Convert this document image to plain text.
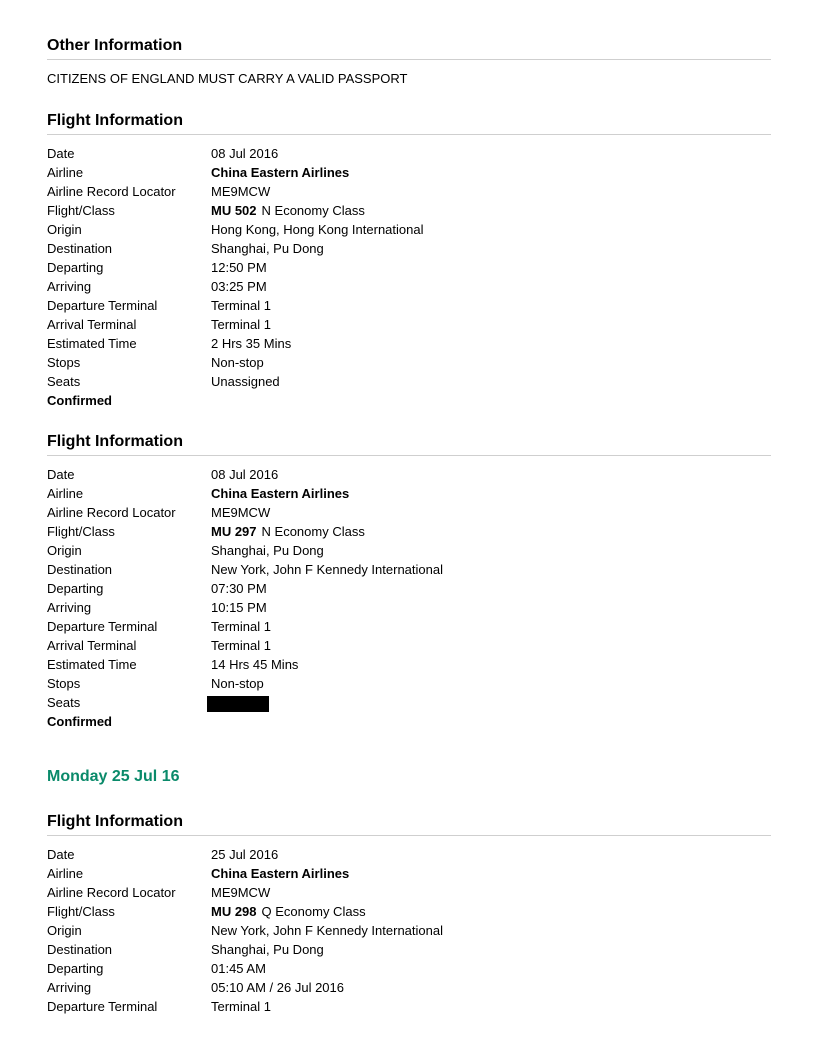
Other Information
CITIZENS OF ENGLAND MUST CARRY A VALID PASSPORT
Flight Information
Date	08 Jul 2016
Airline	China Eastern Airlines
Airline Record Locator	ME9MCW
Flight/Class	MU 502 N Economy Class
Origin	Hong Kong, Hong Kong International
Destination	Shanghai, Pu Dong
Departing	12:50 PM
Arriving	03:25 PM
Departure Terminal	Terminal 1
Arrival Terminal	Terminal 1
Estimated Time	2 Hrs 35 Mins
Stops	Non-stop
Seats	Unassigned
Confirmed
Flight Information
Date	08 Jul 2016
Airline	China Eastern Airlines
Airline Record Locator	ME9MCW
Flight/Class	MU 297 N Economy Class
Origin	Shanghai, Pu Dong
Destination	New York, John F Kennedy International
Departing	07:30 PM
Arriving	10:15 PM
Departure Terminal	Terminal 1
Arrival Terminal	Terminal 1
Estimated Time	14 Hrs 45 Mins
Stops	Non-stop
Seats
Confirmed
Monday 25 Jul 16
Flight Information
Date	25 Jul 2016
Airline	China Eastern Airlines
Airline Record Locator	ME9MCW
Flight/Class	MU 298 Q Economy Class
Origin	New York, John F Kennedy International
Destination	Shanghai, Pu Dong
Departing	01:45 AM
Arriving	05:10 AM / 26 Jul 2016
Departure Terminal	Terminal 1
